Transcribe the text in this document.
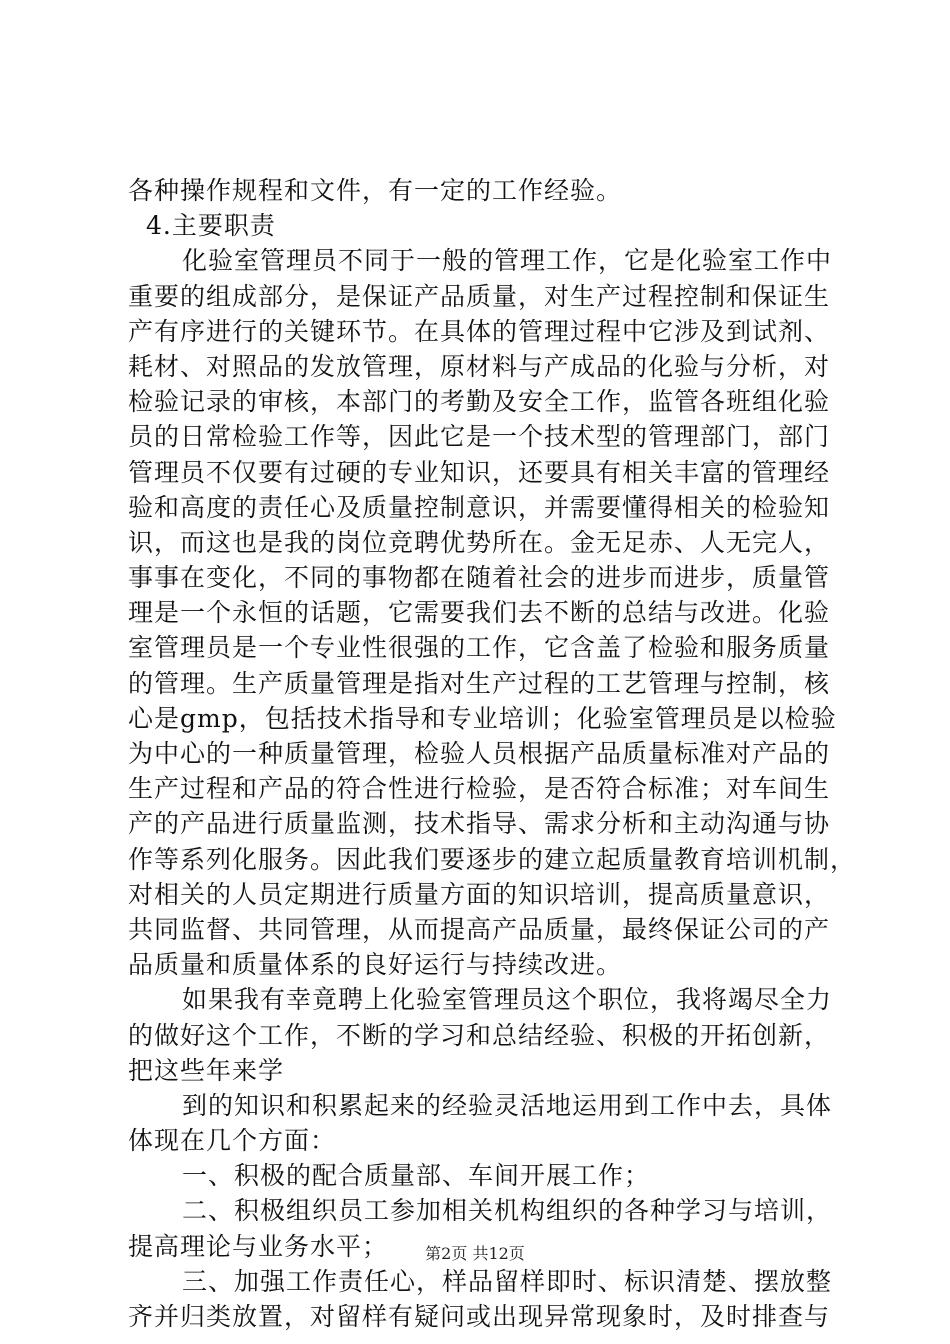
各种操作规程和文件，有一定的工作经验。
4.主要职责
化验室管理员不同于一般的管理工作，它是化验室工作中
重要的组成部分，是保证产品质量，对生产过程控制和保证生
产有序进行的关键环节。在具体的管理过程中它涉及到试剂、
耗材、对照品的发放管理，原材料与产成品的化验与分析，对
检验记录的审核，本部门的考勤及安全工作，监管各班组化验
员的日常检验工作等，因此它是一个技术型的管理部门，部门
管理员不仅要有过硬的专业知识，还要具有相关丰富的管理经
验和高度的责任心及质量控制意识，并需要懂得相关的检验知
识，而这也是我的岗位竞聘优势所在。金无足赤、人无完人，
事事在变化，不同的事物都在随着社会的进步而进步，质量管
理是一个永恒的话题，它需要我们去不断的总结与改进。化验
室管理员是一个专业性很强的工作，它含盖了检验和服务质量
的管理。生产质量管理是指对生产过程的工艺管理与控制，核
心是gmp，包括技术指导和专业培训；化验室管理员是以检验
为中心的一种质量管理，检验人员根据产品质量标准对产品的
生产过程和产品的符合性进行检验，是否符合标准；对车间生
产的产品进行质量监测，技术指导、需求分析和主动沟通与协
作等系列化服务。因此我们要逐步的建立起质量教育培训机制，
对相关的人员定期进行质量方面的知识培训，提高质量意识，
共同监督、共同管理，从而提高产品质量，最终保证公司的产
品质量和质量体系的良好运行与持续改进。
如果我有幸竟聘上化验室管理员这个职位，我将竭尽全力
的做好这个工作，不断的学习和总结经验、积极的开拓创新，
把这些年来学
到的知识和积累起来的经验灵活地运用到工作中去，具体
体现在几个方面：
一、积极的配合质量部、车间开展工作；
二、积极组织员工参加相关机构组织的各种学习与培训，
提高理论与业务水平；
三、加强工作责任心，样品留样即时、标识清楚、摆放整
齐并归类放置，对留样有疑问或出现异常现象时，及时排查与
第2页 共12页
